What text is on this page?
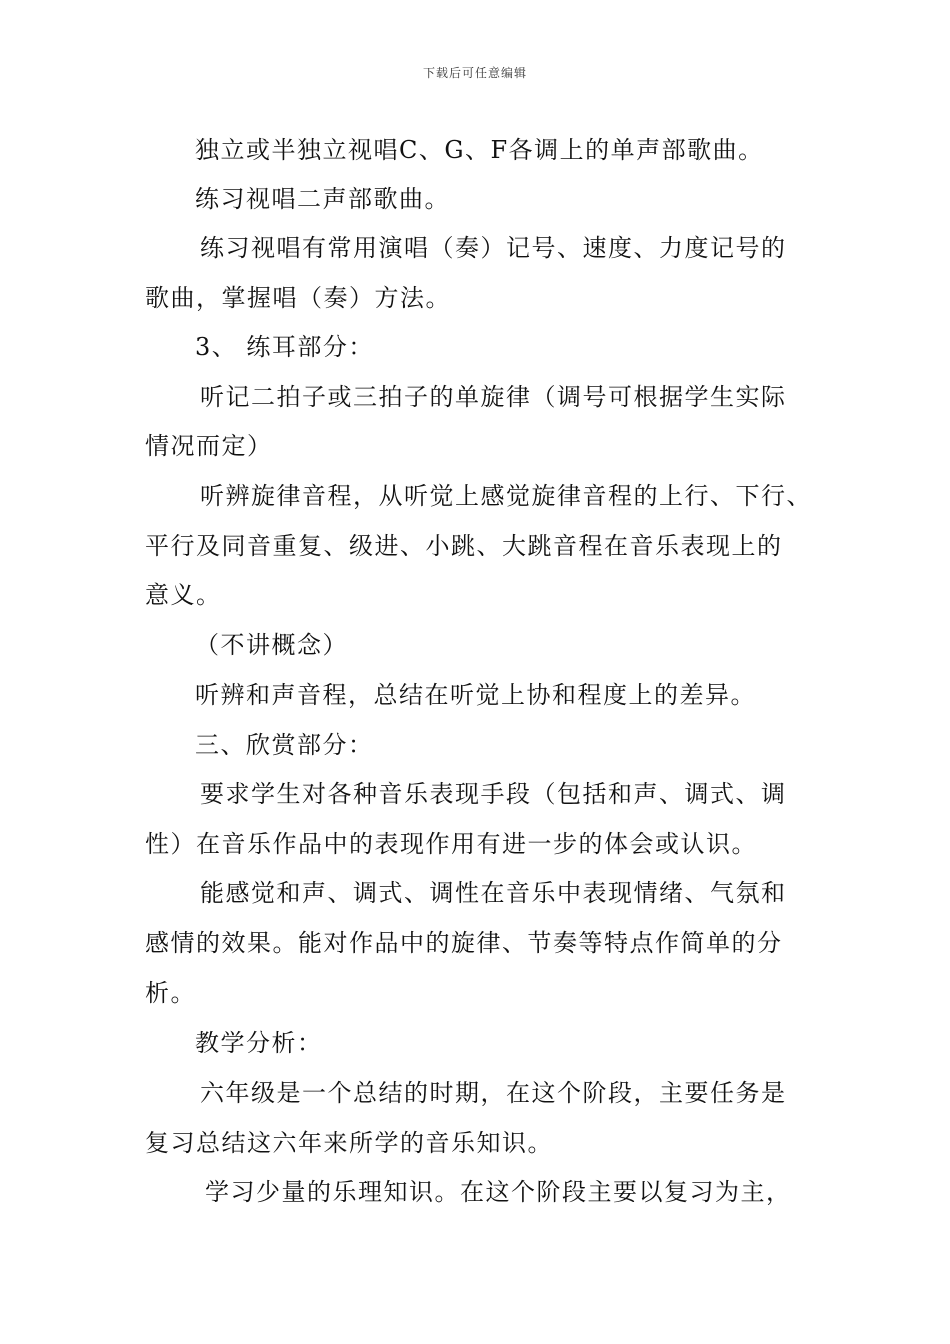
下载后可任意编辑
独立或半独立视唱C、G、F各调上的单声部歌曲。
练习视唱二声部歌曲。
练习视唱有常用演唱（奏）记号、速度、力度记号的
歌曲，掌握唱（奏）方法。
3、 练耳部分：
听记二拍子或三拍子的单旋律（调号可根据学生实际
情况而定）
听辨旋律音程，从听觉上感觉旋律音程的上行、下行、
平行及同音重复、级进、小跳、大跳音程在音乐表现上的
意义。
（不讲概念）
听辨和声音程，总结在听觉上协和程度上的差异。
三、欣赏部分：
要求学生对各种音乐表现手段（包括和声、调式、调
性）在音乐作品中的表现作用有进一步的体会或认识。
能感觉和声、调式、调性在音乐中表现情绪、气氛和
感情的效果。能对作品中的旋律、节奏等特点作简单的分
析。
教学分析：
六年级是一个总结的时期，在这个阶段，主要任务是
复习总结这六年来所学的音乐知识。
学习少量的乐理知识。在这个阶段主要以复习为主，
